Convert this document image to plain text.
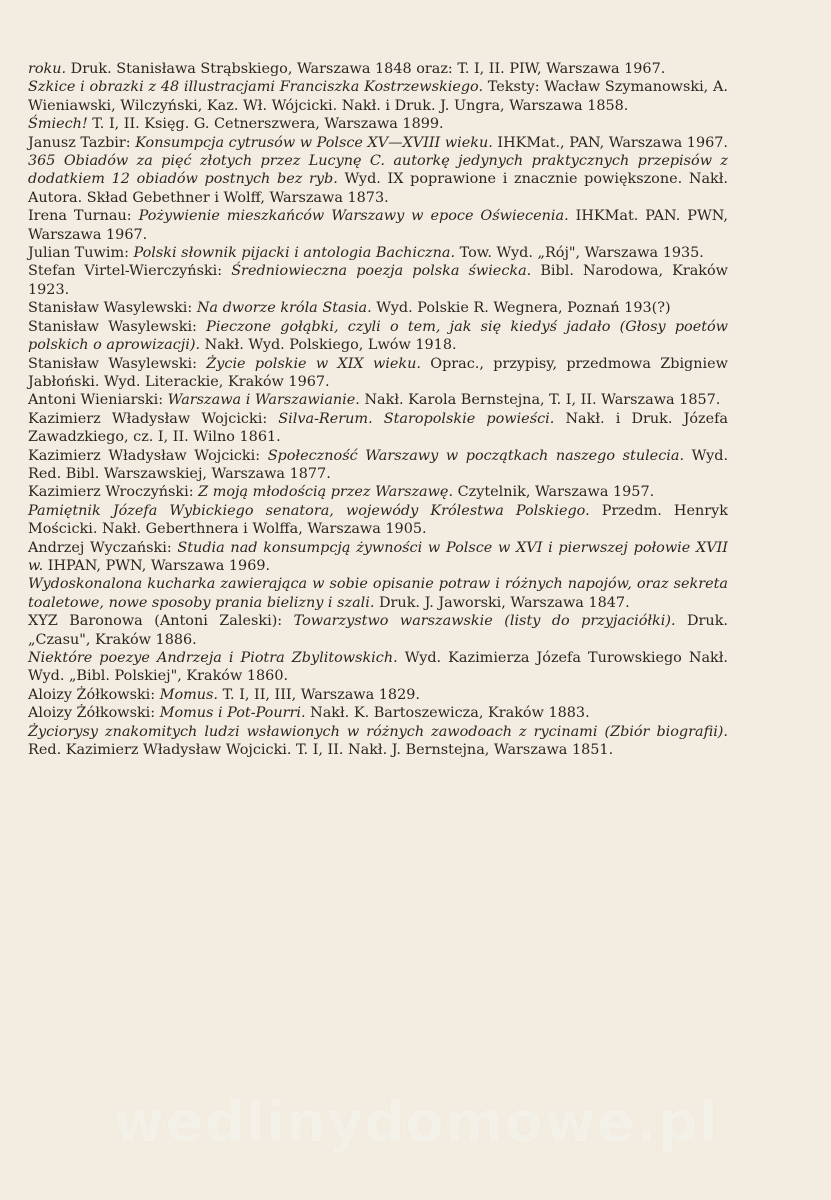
roku. Druk. Stanisława Strąbskiego, Warszawa 1848 oraz: T. I, II. PIW, Warszawa 1967.

Szkice i obrazki z 48 illustracjami Franciszka Kostrzewskiego. Teksty: Wacław Szymanowski, A. Wieniawski, Wilczyński, Kaz. Wł. Wójcicki. Nakł. i Druk. J. Ungra, Warszawa 1858.

Śmiech! T. I, II. Księg. G. Cetnerszwera, Warszawa 1899.

Janusz Tazbir: Konsumpcja cytrusów w Polsce XV—XVIII wieku. IHKMat., PAN, Warszawa 1967.

365 Obiadów za pięć złotych przez Lucynę C. autorkę jedynych praktycznych przepisów z dodatkiem 12 obiadów postnych bez ryb. Wyd. IX poprawione i znacznie powiększone. Nakł. Autora. Skład Gebethner i Wolff, Warszawa 1873.

Irena Turnau: Pożywienie mieszkańców Warszawy w epoce Oświecenia. IHKMat. PAN. PWN, Warszawa 1967.

Julian Tuwim: Polski słownik pijacki i antologia Bachiczna. Tow. Wyd. „Rój", Warszawa 1935.

Stefan Virtel-Wierczyński: Średniowieczna poezja polska świecka. Bibl. Narodowa, Kraków 1923.

Stanisław Wasylewski: Na dworze króla Stasia. Wyd. Polskie R. Wegnera, Poznań 193(?)

Stanisław Wasylewski: Pieczone gołąbki, czyli o tem, jak się kiedyś jadało (Głosy poetów polskich o aprowizacji). Nakł. Wyd. Polskiego, Lwów 1918.

Stanisław Wasylewski: Życie polskie w XIX wieku. Oprac., przypisy, przedmowa Zbigniew Jabłoński. Wyd. Literackie, Kraków 1967.

Antoni Wieniarski: Warszawa i Warszawianie. Nakł. Karola Bernstejna, T. I, II. Warszawa 1857.

Kazimierz Władysław Wojcicki: Silva-Rerum. Staropolskie powieści. Nakł. i Druk. Józefa Zawadzkiego, cz. I, II. Wilno 1861.

Kazimierz Władysław Wojcicki: Społeczność Warszawy w początkach naszego stulecia. Wyd. Red. Bibl. Warszawskiej, Warszawa 1877.

Kazimierz Wroczyński: Z moją młodością przez Warszawę. Czytelnik, Warszawa 1957.

Pamiętnik Józefa Wybickiego senatora, wojewódy Królestwa Polskiego. Przedm. Henryk Mościcki. Nakł. Geberthnera i Wolffa, Warszawa 1905.

Andrzej Wyczański: Studia nad konsumpcją żywności w Polsce w XVI i pierwszej połowie XVII w. IHPAN, PWN, Warszawa 1969.

Wydoskonalona kucharka zawierająca w sobie opisanie potraw i różnych napojów, oraz sekreta toaletowe, nowe sposoby prania bielizny i szali. Druk. J. Jaworski, Warszawa 1847.

XYZ Baronowa (Antoni Zaleski): Towarzystwo warszawskie (listy do przyjaciółki). Druk. „Czasu", Kraków 1886.

Niektóre poezye Andrzeja i Piotra Zbylitowskich. Wyd. Kazimierza Józefa Turowskiego Nakł. Wyd. „Bibl. Polskiej", Kraków 1860.

Aloizy Żółkowski: Momus. T. I, II, III, Warszawa 1829.

Aloizy Żółkowski: Momus i Pot-Pourri. Nakł. K. Bartoszewicza, Kraków 1883.

Życiorysy znakomitych ludzi wsławionych w różnych zawodoach z rycinami (Zbiór biografii). Red. Kazimierz Władysław Wojcicki. T. I, II. Nakł. J. Bernstejna, Warszawa 1851.

wedlinydomowe.pl
